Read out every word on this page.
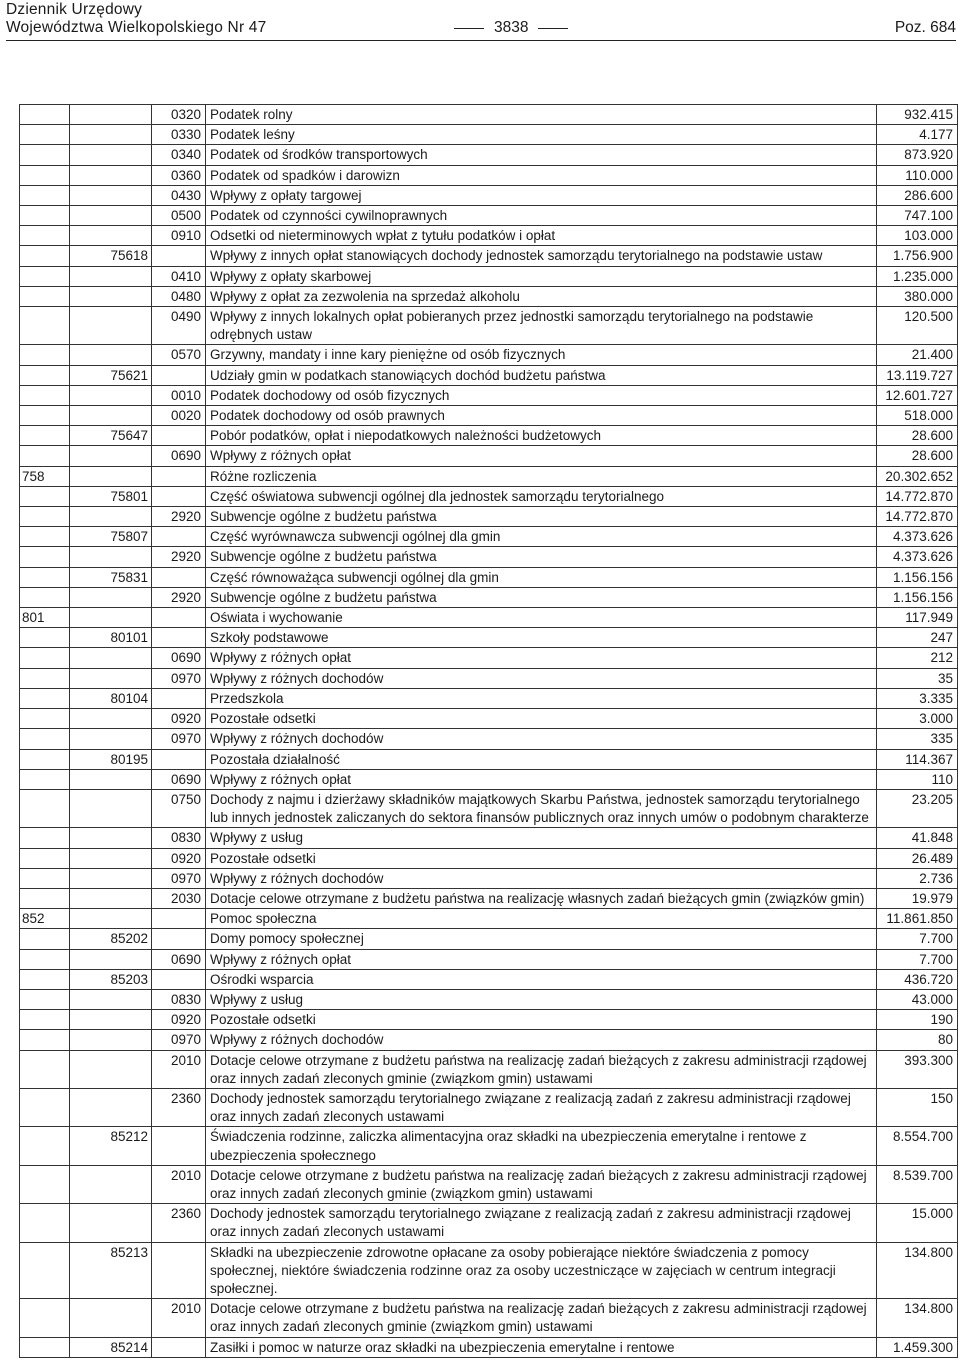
Dziennik Urzędowy
Województwa Wielkopolskiego Nr 47	3838	Poz. 684
		0320	Podatek rolny	932.415
		0330	Podatek leśny	4.177
		0340	Podatek od środków transportowych	873.920
		0360	Podatek od spadków i darowizn	110.000
		0430	Wpływy z opłaty targowej	286.600
		0500	Podatek od czynności cywilnoprawnych	747.100
		0910	Odsetki od nieterminowych wpłat z tytułu podatków i opłat	103.000
	75618		Wpływy z innych opłat stanowiących dochody jednostek samorządu terytorialnego na podstawie ustaw	1.756.900
		0410	Wpływy z opłaty skarbowej	1.235.000
		0480	Wpływy z opłat za zezwolenia na sprzedaż alkoholu	380.000
		0490	Wpływy z innych lokalnych opłat pobieranych przez jednostki samorządu terytorialnego na podstawie odrębnych ustaw	120.500
		0570	Grzywny, mandaty i inne kary pieniężne od osób fizycznych	21.400
	75621		Udziały gmin w podatkach stanowiących dochód budżetu państwa	13.119.727
		0010	Podatek dochodowy od osób fizycznych	12.601.727
		0020	Podatek dochodowy od osób prawnych	518.000
	75647		Pobór podatków, opłat i niepodatkowych należności budżetowych	28.600
		0690	Wpływy z różnych opłat	28.600
758			Różne rozliczenia	20.302.652
	75801		Część oświatowa subwencji ogólnej dla jednostek samorządu terytorialnego	14.772.870
		2920	Subwencje ogólne z budżetu państwa	14.772.870
	75807		Część wyrównawcza subwencji ogólnej dla gmin	4.373.626
		2920	Subwencje ogólne z budżetu państwa	4.373.626
	75831		Część równoważąca subwencji ogólnej dla gmin	1.156.156
		2920	Subwencje ogólne z budżetu państwa	1.156.156
801			Oświata i wychowanie	117.949
	80101		Szkoły podstawowe	247
		0690	Wpływy z różnych opłat	212
		0970	Wpływy z różnych dochodów	35
	80104		Przedszkola	3.335
		0920	Pozostałe odsetki	3.000
		0970	Wpływy z różnych dochodów	335
	80195		Pozostała działalność	114.367
		0690	Wpływy z różnych opłat	110
		0750	Dochody z najmu i dzierżawy składników majątkowych Skarbu Państwa, jednostek samorządu terytorialnego lub innych jednostek zaliczanych do sektora finansów publicznych oraz innych umów o podobnym charakterze	23.205
		0830	Wpływy z usług	41.848
		0920	Pozostałe odsetki	26.489
		0970	Wpływy z różnych dochodów	2.736
		2030	Dotacje celowe otrzymane z budżetu państwa na realizację własnych zadań bieżących gmin (związków gmin)	19.979
852			Pomoc społeczna	11.861.850
	85202		Domy pomocy społecznej	7.700
		0690	Wpływy z różnych opłat	7.700
	85203		Ośrodki wsparcia	436.720
		0830	Wpływy z usług	43.000
		0920	Pozostałe odsetki	190
		0970	Wpływy z różnych dochodów	80
		2010	Dotacje celowe otrzymane z budżetu państwa na realizację zadań bieżących z zakresu administracji rządowej oraz innych zadań zleconych gminie (związkom gmin) ustawami	393.300
		2360	Dochody jednostek samorządu terytorialnego związane z realizacją zadań z zakresu administracji rządowej oraz innych zadań zleconych ustawami	150
	85212		Świadczenia rodzinne, zaliczka alimentacyjna oraz składki na ubezpieczenia emerytalne i rentowe z ubezpieczenia społecznego	8.554.700
		2010	Dotacje celowe otrzymane z budżetu państwa na realizację zadań bieżących z zakresu administracji rządowej oraz innych zadań zleconych gminie (związkom gmin) ustawami	8.539.700
		2360	Dochody jednostek samorządu terytorialnego związane z realizacją zadań z zakresu administracji rządowej oraz innych zadań zleconych ustawami	15.000
	85213		Składki na ubezpieczenie zdrowotne opłacane za osoby pobierające niektóre świadczenia z pomocy społecznej, niektóre świadczenia rodzinne oraz za osoby uczestniczące w zajęciach w centrum integracji społecznej.	134.800
		2010	Dotacje celowe otrzymane z budżetu państwa na realizację zadań bieżących z zakresu administracji rządowej oraz innych zadań zleconych gminie (związkom gmin) ustawami	134.800
	85214		Zasiłki i pomoc w naturze oraz składki na ubezpieczenia emerytalne i rentowe	1.459.300
